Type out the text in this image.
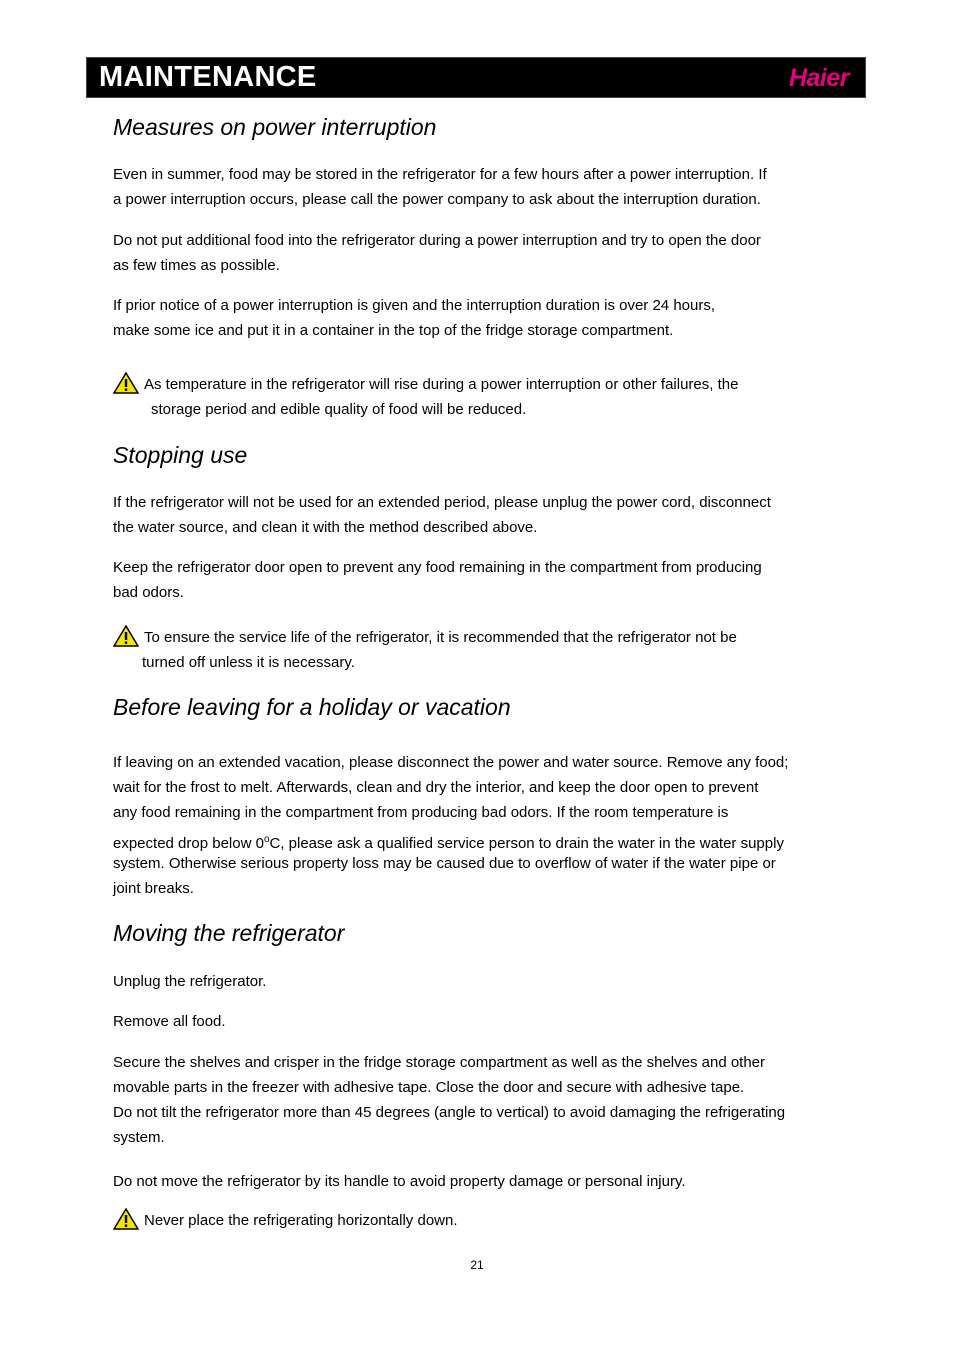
MAINTENANCE	Haier
Measures on power interruption
Even in summer, food may be stored in the refrigerator for a few hours after a power interruption. If
a power interruption occurs, please call the power company to ask about the interruption duration.
Do not put additional food into the refrigerator during a power interruption and try to open the door
as few times as possible.
If prior notice of a power interruption is given and the interruption duration is over 24 hours,
make some ice and put it in a container in the top of the fridge storage compartment.
As temperature in the refrigerator will rise during a power interruption or other failures, the
storage period and edible quality of food will be reduced.
Stopping use
If the refrigerator will not be used for an extended period, please unplug the power cord, disconnect
the water source, and clean it with the method described above.
Keep the refrigerator door open to prevent any food remaining in the compartment from producing
bad odors.
To ensure the service life of the refrigerator, it is recommended that the refrigerator not be
turned off unless it is necessary.
Before leaving for a holiday or vacation
If leaving on an extended vacation, please disconnect the power and water source. Remove any food;
wait for the frost to melt. Afterwards, clean and dry the interior, and keep the door open to prevent
any food remaining in the compartment from producing bad odors. If the room temperature is
expected drop below 0$^o$C, please ask a qualified service person to drain the water in the water supply
system. Otherwise serious property loss may be caused due to overflow of water if the water pipe or
joint breaks.
Moving the refrigerator
Unplug the refrigerator.
Remove all food.
Secure the shelves and crisper in the fridge storage compartment as well as the shelves and other
movable parts in the freezer with adhesive tape. Close the door and secure with adhesive tape.
Do not tilt the refrigerator more than 45 degrees (angle to vertical) to avoid damaging the refrigerating
system.
Do not move the refrigerator by its handle to avoid property damage or personal injury.
Never place the refrigerating horizontally down.
21
